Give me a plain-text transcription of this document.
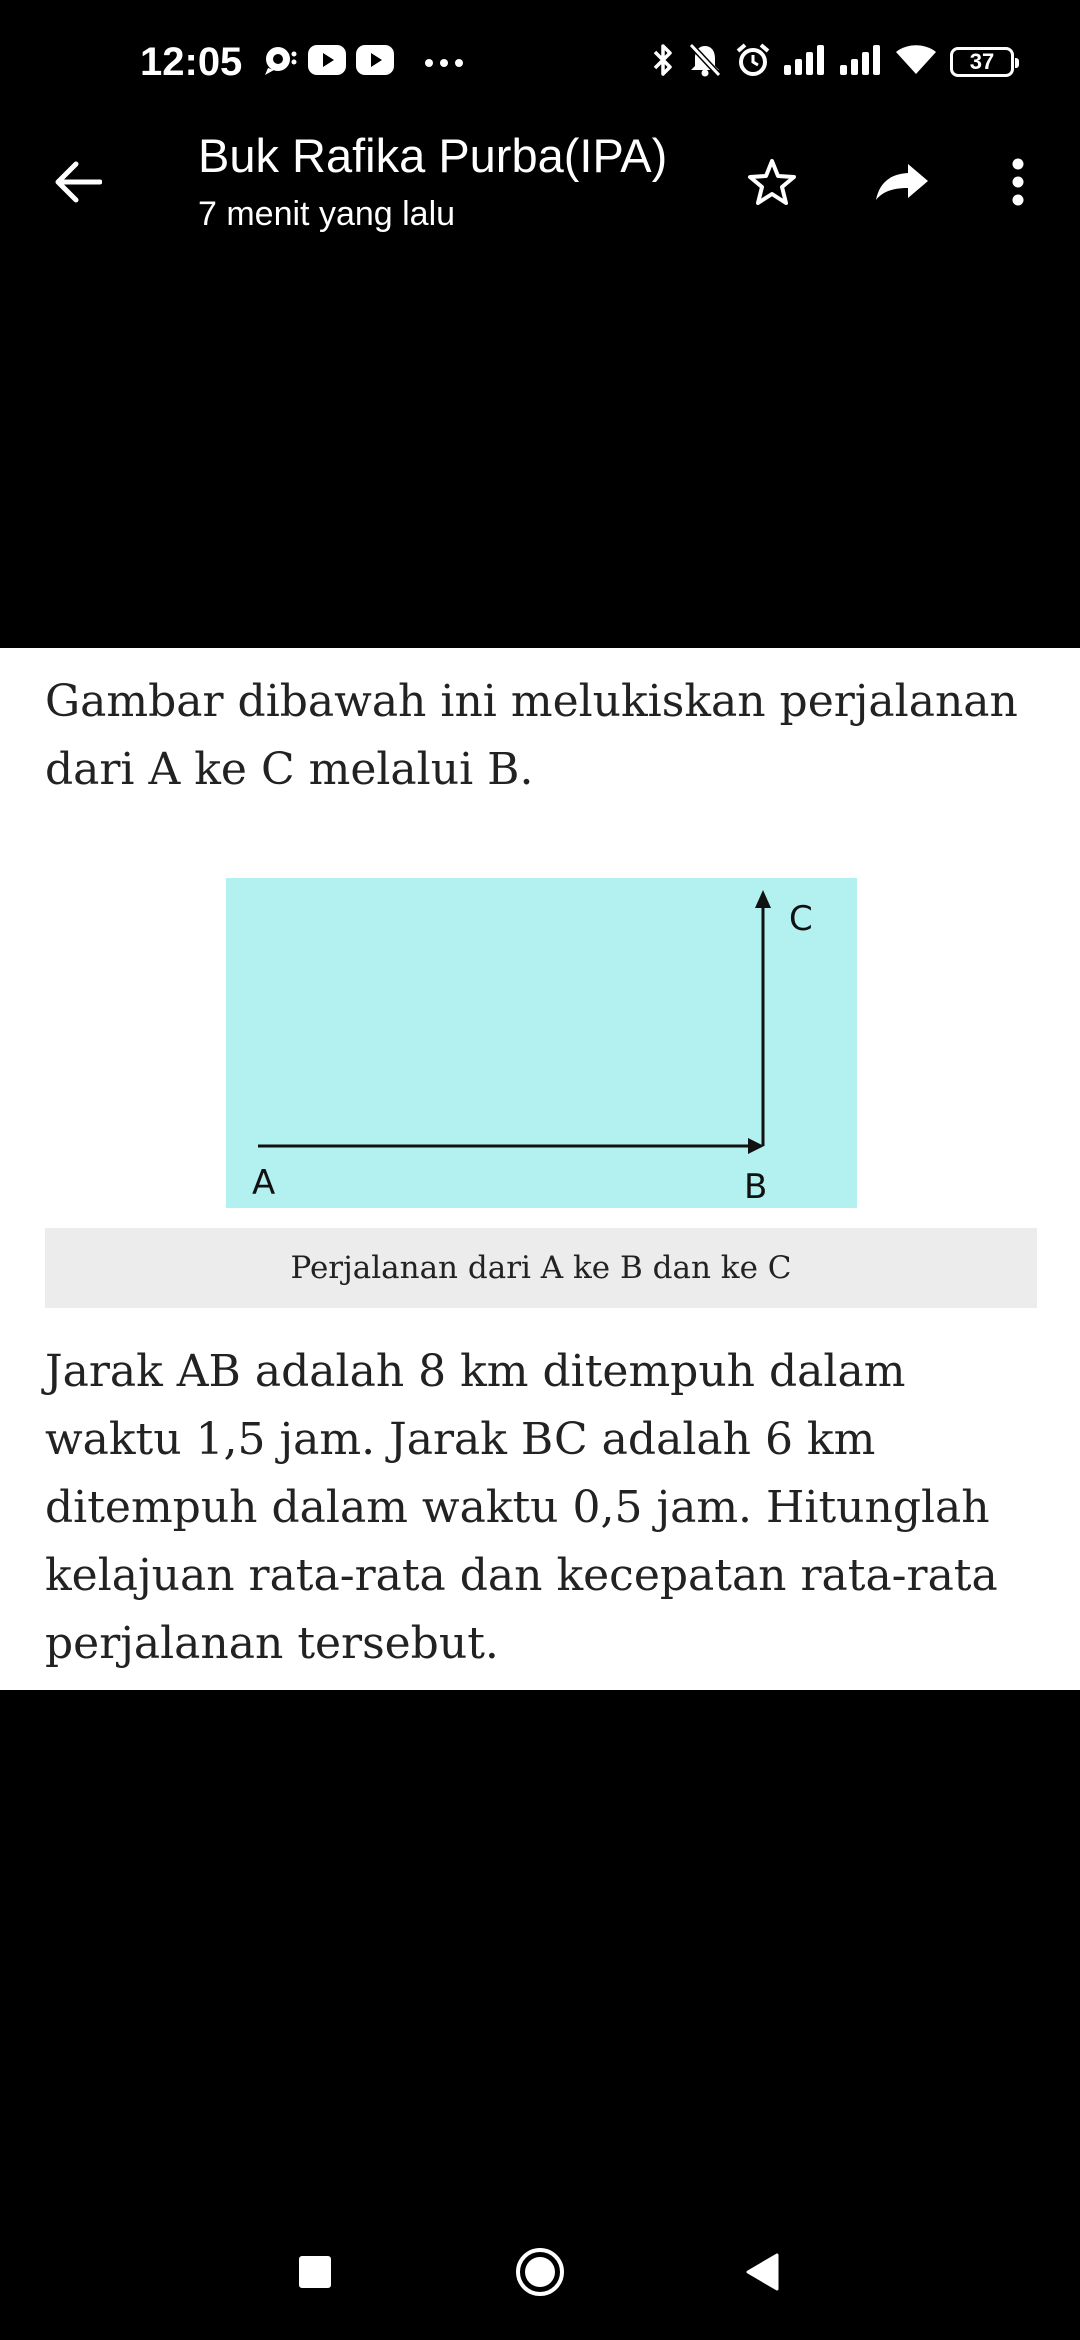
12:05	37
Buk Rafika Purba(IPA)
7 menit yang lalu

Gambar dibawah ini melukiskan perjalanan dari A ke C melalui B.

A	B
C
Perjalanan dari A ke B dan ke C

Jarak AB adalah 8 km ditempuh dalam waktu 1,5 jam. Jarak BC adalah 6 km ditempuh dalam waktu 0,5 jam. Hitunglah kelajuan rata-rata dan kecepatan rata-rata perjalanan tersebut.
